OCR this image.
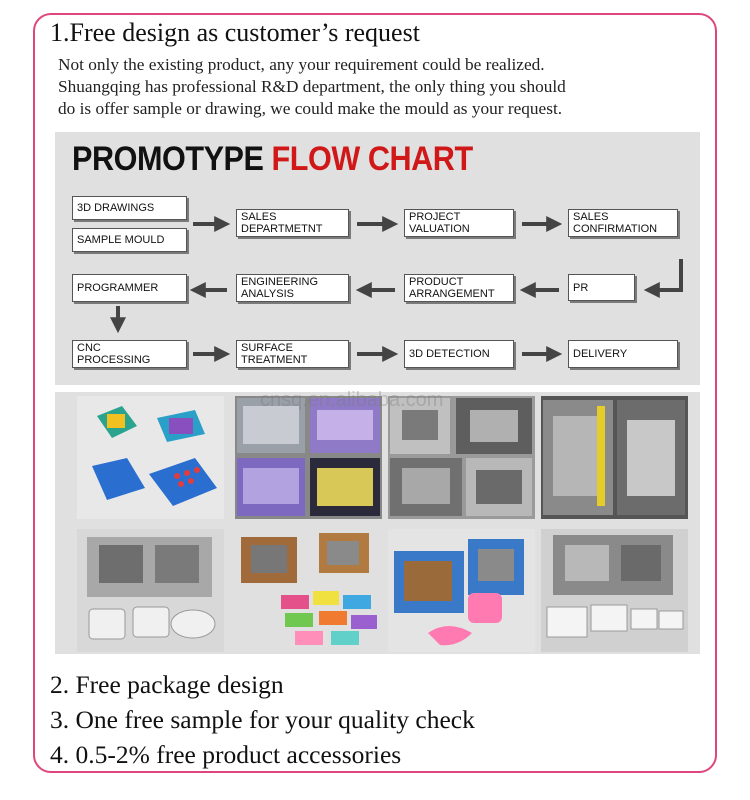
1.Free design as customer’s request
Not only the existing product, any your requirement could be realized.
Shuangqing has professional R&D department, the only thing you should
do is offer sample or drawing, we could make the mould as your request.
PROMOTYPE FLOW CHART
3D DRAWINGS
SAMPLE MOULD
SALES
DEPARTMETNT
PROJECT
VALUATION
SALES
CONFIRMATION
PR
PRODUCT
ARRANGEMENT
ENGINEERING
ANALYSIS
PROGRAMMER
CNC
PROCESSING
SURFACE
TREATMENT	3D DETECTION	DELIVERY
cnsq.en.alibaba.com
2. Free package design
3. One free sample for your quality check
4. 0.5-2% free product accessories
